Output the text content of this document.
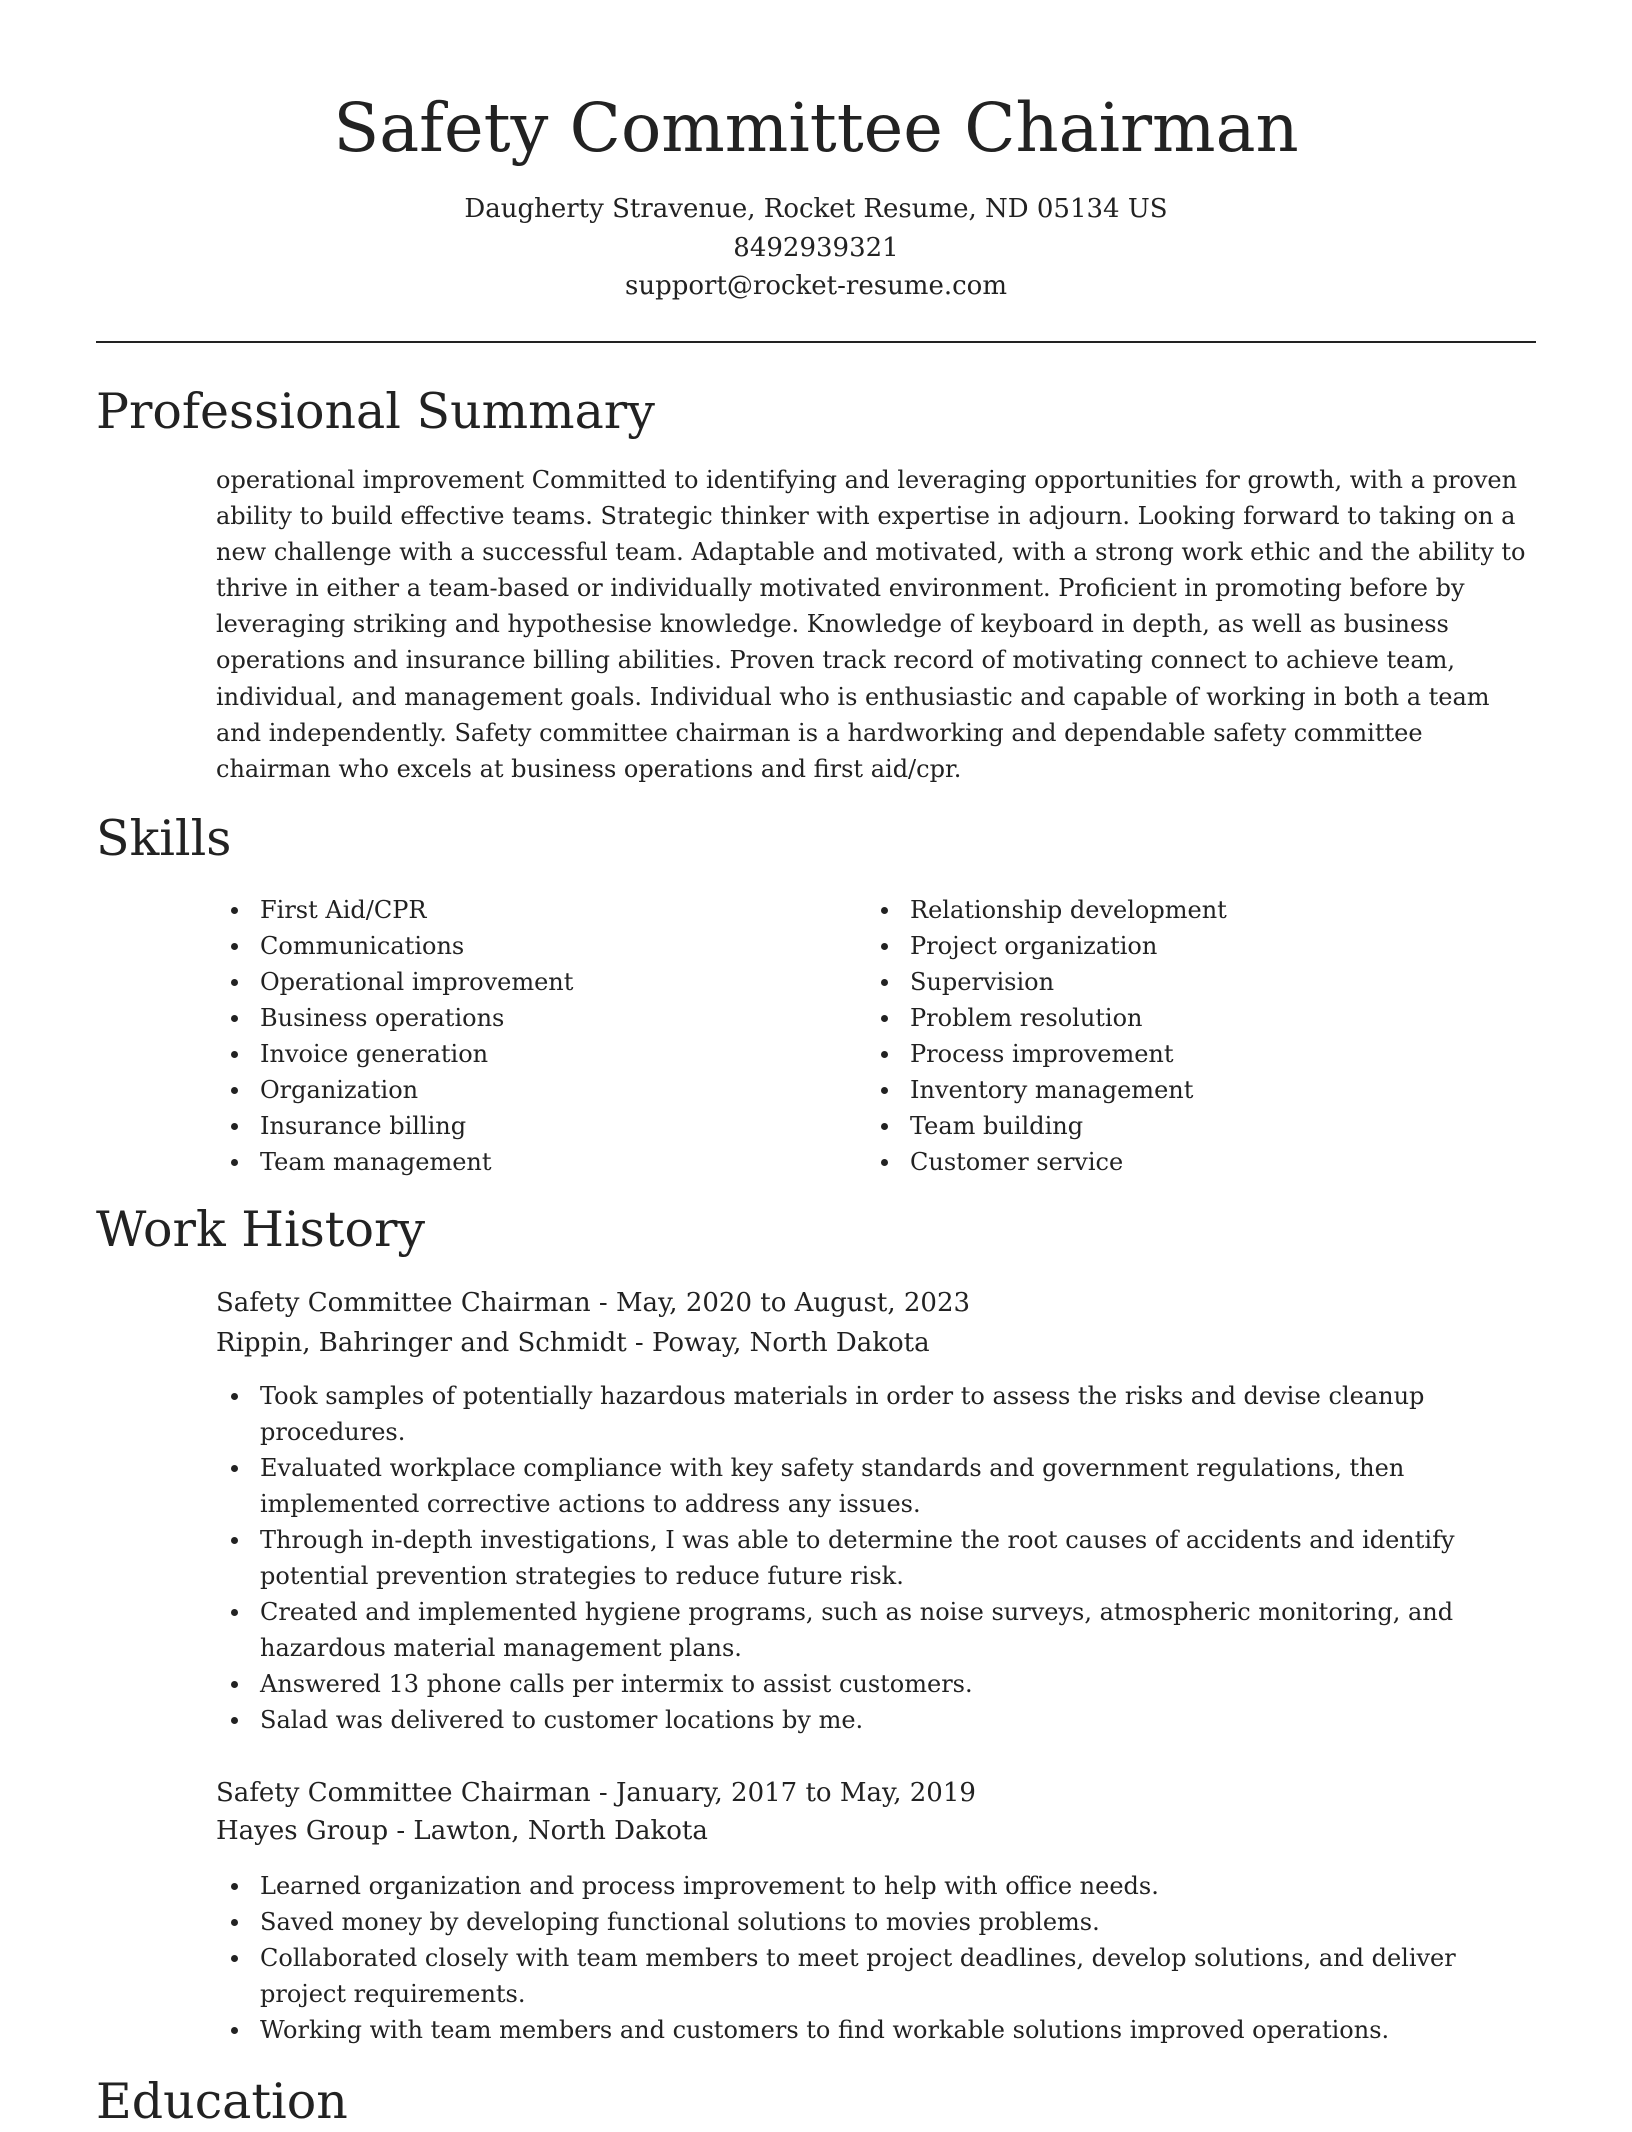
Safety Committee Chairman
Daugherty Stravenue, Rocket Resume, ND 05134 US
8492939321
support@rocket-resume.com
Professional Summary

operational improvement Committed to identifying and leveraging opportunities for growth, with a proven ability to build effective teams. Strategic thinker with expertise in adjourn. Looking forward to taking on a new challenge with a successful team. Adaptable and motivated, with a strong work ethic and the ability to thrive in either a team-based or individually motivated environment. Proficient in promoting before by leveraging striking and hypothesise knowledge. Knowledge of keyboard in depth, as well as business operations and insurance billing abilities. Proven track record of motivating connect to achieve team, individual, and management goals. Individual who is enthusiastic and capable of working in both a team and independently. Safety committee chairman is a hardworking and dependable safety committee chairman who excels at business operations and first aid/cpr.

Skills
First Aid/CPR
Communications
Operational improvement
Business operations
Invoice generation
Organization
Insurance billing
Team management
Relationship development
Project organization
Supervision
Problem resolution
Process improvement
Inventory management
Team building
Customer service
Work History
Safety Committee Chairman - May, 2020 to August, 2023
Rippin, Bahringer and Schmidt - Poway, North Dakota
Took samples of potentially hazardous materials in order to assess the risks and devise cleanup procedures.
Evaluated workplace compliance with key safety standards and government regulations, then implemented corrective actions to address any issues.
Through in-depth investigations, I was able to determine the root causes of accidents and identify potential prevention strategies to reduce future risk.
Created and implemented hygiene programs, such as noise surveys, atmospheric monitoring, and hazardous material management plans.
Answered 13 phone calls per intermix to assist customers.
Salad was delivered to customer locations by me.
Safety Committee Chairman - January, 2017 to May, 2019
Hayes Group - Lawton, North Dakota
Learned organization and process improvement to help with office needs.
Saved money by developing functional solutions to movies problems.
Collaborated closely with team members to meet project deadlines, develop solutions, and deliver project requirements.
Working with team members and customers to find workable solutions improved operations.
Education
